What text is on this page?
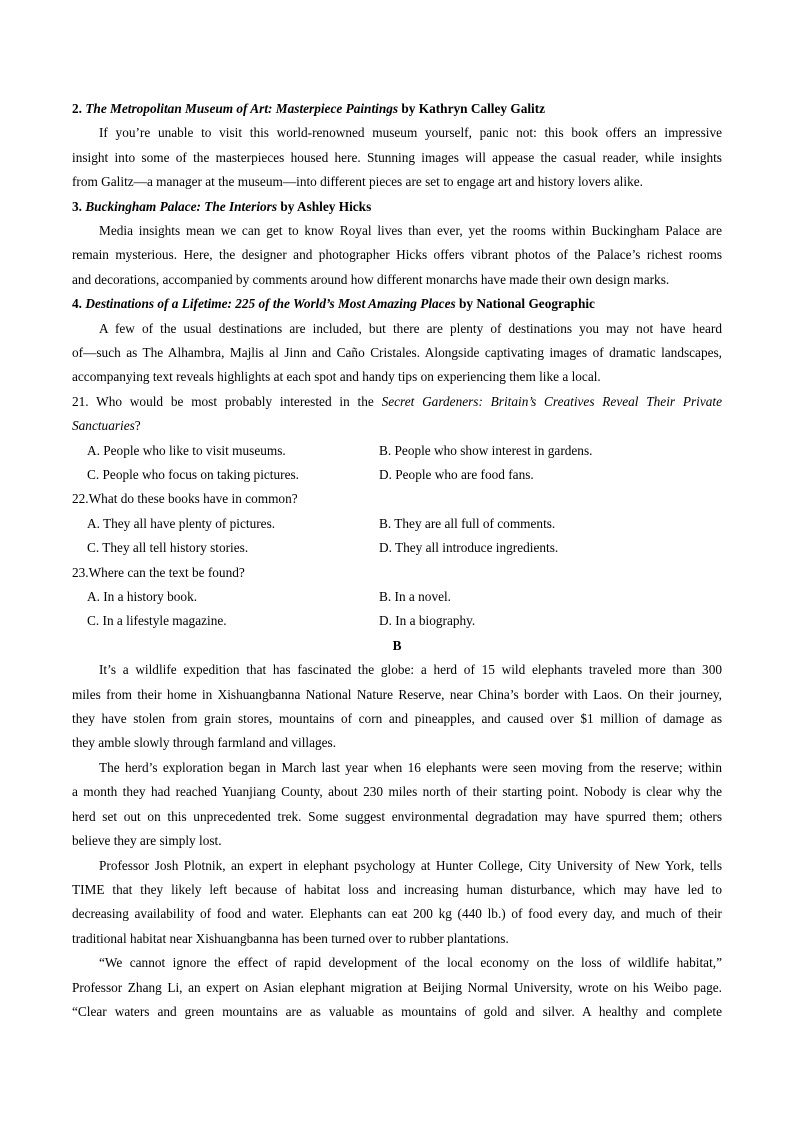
2. The Metropolitan Museum of Art: Masterpiece Paintings by Kathryn Calley Galitz
If you’re unable to visit this world-renowned museum yourself, panic not: this book offers an impressive
insight into some of the masterpieces housed here. Stunning images will appease the casual reader, while insights
from Galitz—a manager at the museum—into different pieces are set to engage art and history lovers alike.
3. Buckingham Palace: The Interiors by Ashley Hicks
Media insights mean we can get to know Royal lives than ever, yet the rooms within Buckingham Palace are
remain mysterious. Here, the designer and photographer Hicks offers vibrant photos of the Palace’s richest rooms
and decorations, accompanied by comments around how different monarchs have made their own design marks.
4. Destinations of a Lifetime: 225 of the World’s Most Amazing Places by National Geographic
A few of the usual destinations are included, but there are plenty of destinations you may not have heard
of—such as The Alhambra, Majlis al Jinn and Caño Cristales. Alongside captivating images of dramatic landscapes,
accompanying text reveals highlights at each spot and handy tips on experiencing them like a local.
21. Who would be most probably interested in the Secret Gardeners: Britain’s Creatives Reveal Their Private
Sanctuaries?
A. People who like to visit museums.	B. People who show interest in gardens.
C. People who focus on taking pictures.	D. People who are food fans.
22.What do these books have in common?
A. They all have plenty of pictures.	B. They are all full of comments.
C. They all tell history stories.	D. They all introduce ingredients.
23.Where can the text be found?
A. In a history book.	B. In a novel.
C. In a lifestyle magazine.	D. In a biography.
B
It’s a wildlife expedition that has fascinated the globe: a herd of 15 wild elephants traveled more than 300
miles from their home in Xishuangbanna National Nature Reserve, near China’s border with Laos. On their journey,
they have stolen from grain stores, mountains of corn and pineapples, and caused over $1 million of damage as
they amble slowly through farmland and villages.
The herd’s exploration began in March last year when 16 elephants were seen moving from the reserve; within
a month they had reached Yuanjiang County, about 230 miles north of their starting point. Nobody is clear why the
herd set out on this unprecedented trek. Some suggest environmental degradation may have spurred them; others
believe they are simply lost.
Professor Josh Plotnik, an expert in elephant psychology at Hunter College, City University of New York, tells
TIME that they likely left because of habitat loss and increasing human disturbance, which may have led to
decreasing availability of food and water. Elephants can eat 200 kg (440 lb.) of food every day, and much of their
traditional habitat near Xishuangbanna has been turned over to rubber plantations.
“We cannot ignore the effect of rapid development of the local economy on the loss of wildlife habitat,”
Professor Zhang Li, an expert on Asian elephant migration at Beijing Normal University, wrote on his Weibo page.
“Clear waters and green mountains are as valuable as mountains of gold and silver. A healthy and complete
